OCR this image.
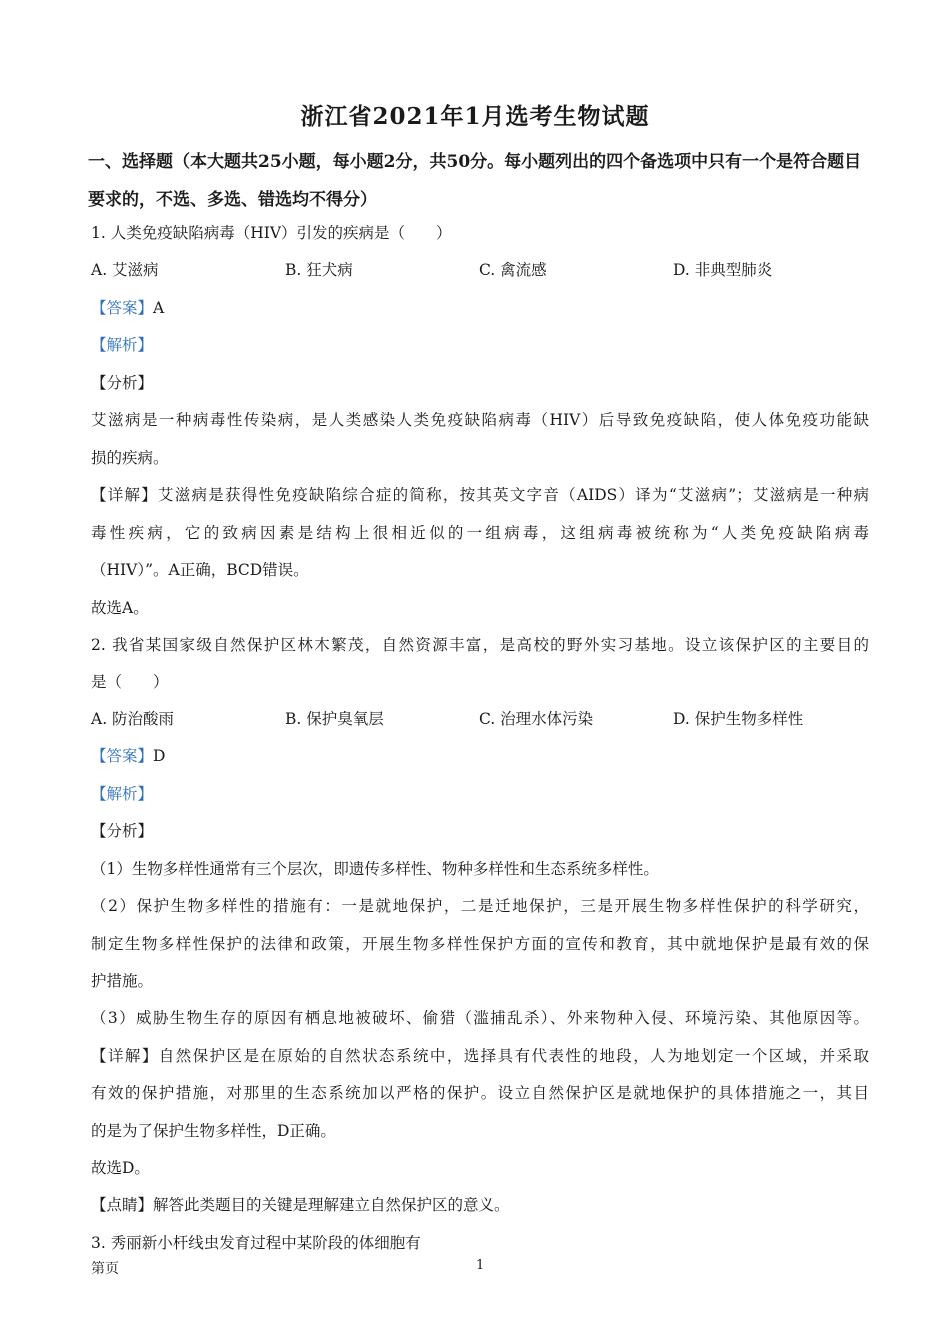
浙江省2021年1月选考生物试题
一、选择题（本大题共25小题，每小题2分，共50分。每小题列出的四个备选项中只有一个是符合题目要求的，不选、多选、错选均不得分）
1. 人类免疫缺陷病毒（HIV）引发的疾病是（　　）
A. 艾滋病	B. 狂犬病	C. 禽流感	D. 非典型肺炎
【答案】A
【解析】
【分析】
艾滋病是一种病毒性传染病，是人类感染人类免疫缺陷病毒（HIV）后导致免疫缺陷，使人体免疫功能缺
损的疾病。
【详解】艾滋病是获得性免疫缺陷综合症的简称，按其英文字音（AIDS）译为“艾滋病”；艾滋病是一种病
毒性疾病，它的致病因素是结构上很相近似的一组病毒，这组病毒被统称为“人类免疫缺陷病毒
（HIV）”。A正确，BCD错误。
故选A。
2. 我省某国家级自然保护区林木繁茂，自然资源丰富，是高校的野外实习基地。设立该保护区的主要目的
是（　　）
A. 防治酸雨	B. 保护臭氧层	C. 治理水体污染	D. 保护生物多样性
【答案】D
【解析】
【分析】
（1）生物多样性通常有三个层次，即遗传多样性、物种多样性和生态系统多样性。
（2）保护生物多样性的措施有：一是就地保护，二是迁地保护，三是开展生物多样性保护的科学研究，
制定生物多样性保护的法律和政策，开展生物多样性保护方面的宣传和教育，其中就地保护是最有效的保
护措施。
（3）威胁生物生存的原因有栖息地被破坏、偷猎（滥捕乱杀）、外来物种入侵、环境污染、其他原因等。
【详解】自然保护区是在原始的自然状态系统中，选择具有代表性的地段，人为地划定一个区域，并采取
有效的保护措施，对那里的生态系统加以严格的保护。设立自然保护区是就地保护的具体措施之一，其目
的是为了保护生物多样性，D正确。
故选D。
【点睛】解答此类题目的关键是理解建立自然保护区的意义。
3. 秀丽新小杆线虫发育过程中某阶段的体细胞有
第页	1
